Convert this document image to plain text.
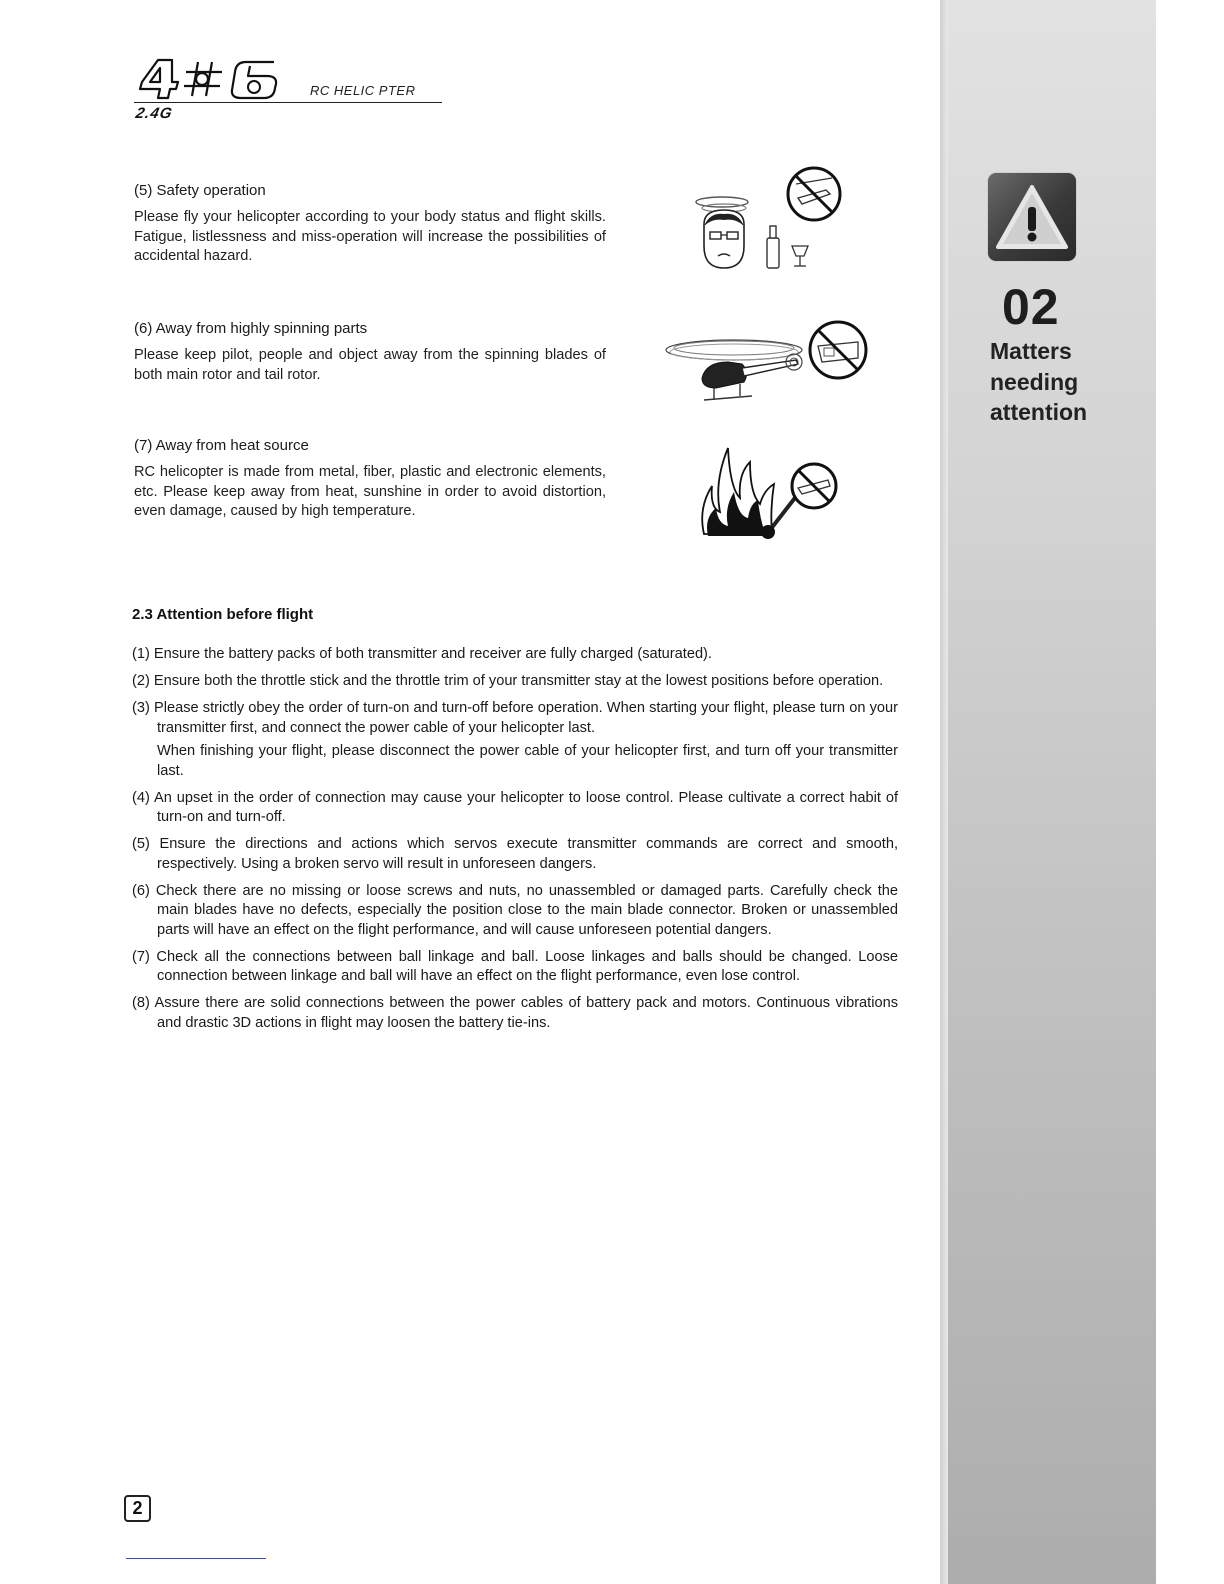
RC HELIC PTER
2.4G
(5) Safety operation

Please fly your helicopter according to your body status and flight skills. Fatigue, listlessness and miss-operation will increase the possibilities of accidental hazard.

(6) Away from highly spinning parts

Please keep pilot, people and object away from the spinning blades of both main rotor and tail rotor.

(7) Away from heat source

RC helicopter is made from metal, fiber, plastic and electronic elements, etc. Please keep away from heat, sunshine in order to avoid distortion, even damage, caused by high temperature.

2.3 Attention before flight
(1) Ensure the battery packs of both transmitter and receiver are fully charged (saturated).
(2) Ensure both the throttle stick and the throttle trim of your transmitter stay at the lowest positions before operation.
(3) Please strictly obey the order of turn-on and turn-off before operation. When starting your flight, please turn on your transmitter first, and connect the power cable of your helicopter last.
When finishing your flight, please disconnect the power cable of your helicopter first, and turn off your transmitter last.
(4) An upset in the order of connection may cause your helicopter to loose control. Please cultivate a correct habit of turn-on and turn-off.
(5) Ensure the directions and actions which servos execute transmitter commands are correct and smooth, respectively. Using a broken servo will result in unforeseen dangers.
(6) Check there are no missing or loose screws and nuts, no unassembled or damaged parts. Carefully check the main blades have no defects, especially the position close to the main blade connector. Broken or unassembled parts will have an effect on the flight performance, and will cause unforeseen potential dangers.
(7) Check all the connections between ball linkage and ball. Loose linkages and balls should be changed. Loose connection between linkage and ball will have an effect on the flight performance, even lose control.
(8) Assure there are solid connections between the power cables of battery pack and motors. Continuous vibrations and drastic 3D actions in flight may loosen the battery tie-ins.
02
Matters needing attention
2
